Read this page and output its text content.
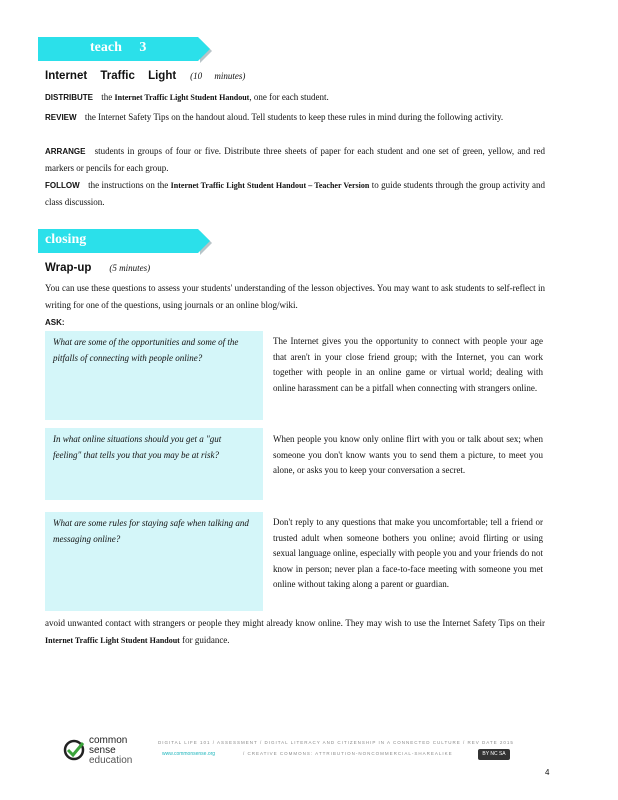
teach 3
Internet Traffic Light (10 minutes)
DISTRIBUTE the Internet Traffic Light Student Handout, one for each student.
REVIEW the Internet Safety Tips on the handout aloud. Tell students to keep these rules in mind during the following activity.
ARRANGE students in groups of four or five. Distribute three sheets of paper for each student and one set of green, yellow, and red markers or pencils for each group.
FOLLOW the instructions on the Internet Traffic Light Student Handout – Teacher Version to guide students through the group activity and class discussion.
closing
Wrap-up (5 minutes)
You can use these questions to assess your students' understanding of the lesson objectives. You may want to ask students to self-reflect in writing for one of the questions, using journals or an online blog/wiki.
ASK:
What are some of the opportunities and some of the pitfalls of connecting with people online?
The Internet gives you the opportunity to connect with people your age that aren't in your close friend group; with the Internet, you can work together with people in an online game or virtual world; dealing with online harassment can be a pitfall when connecting with strangers online.
In what online situations should you get a "gut feeling" that tells you that you may be at risk?
When people you know only online flirt with you or talk about sex; when someone you don't know wants you to send them a picture, to meet you alone, or asks you to keep your conversation a secret.
What are some rules for staying safe when talking and messaging online?
Don't reply to any questions that make you uncomfortable; tell a friend or trusted adult when someone bothers you online; avoid flirting or using sexual language online, especially with people you and your friends do not know in person; never plan a face-to-face meeting with someone you met online without taking along a parent or guardian.
avoid unwanted contact with strangers or people they might already know online. They may wish to use the Internet Safety Tips on their Internet Traffic Light Student Handout for guidance.
common
sense
education
DIGITAL LIFE 101 / ASSESSMENT / DIGITAL LITERACY AND CITIZENSHIP IN A CONNECTED CULTURE / REV DATE 2015
www.commonsense.org	/ CREATIVE COMMONS: ATTRIBUTION-NONCOMMERCIAL-SHAREALIKE	BY NC SA
4
